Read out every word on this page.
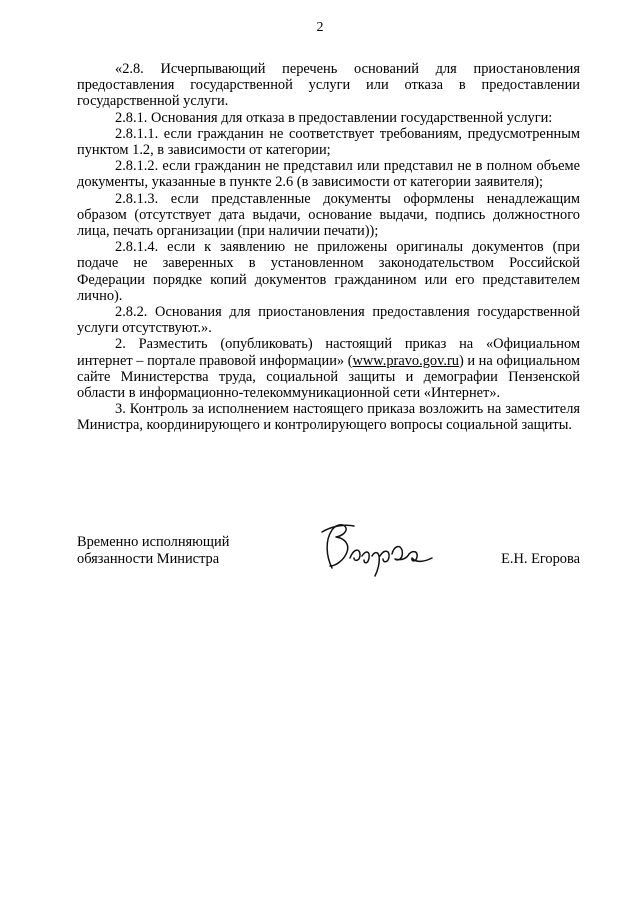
2

«2.8. Исчерпывающий перечень оснований для приостановления предоставления государственной услуги или отказа в предоставлении государственной услуги.

2.8.1. Основания для отказа в предоставлении государственной услуги:

2.8.1.1. если гражданин не соответствует требованиям, предусмотренным пунктом 1.2, в зависимости от категории;

2.8.1.2. если гражданин не представил или представил не в полном объеме документы, указанные в пункте 2.6 (в зависимости от категории заявителя);

2.8.1.3. если представленные документы оформлены ненадлежащим образом (отсутствует дата выдачи, основание выдачи, подпись должностного лица, печать организации (при наличии печати));

2.8.1.4. если к заявлению не приложены оригиналы документов (при подаче не заверенных в установленном законодательством Российской Федерации порядке копий документов гражданином или его представителем лично).

2.8.2. Основания для приостановления предоставления государственной услуги отсутствуют.».

2. Разместить (опубликовать) настоящий приказ на «Официальном интернет – портале правовой информации» (www.pravo.gov.ru) и на официальном сайте Министерства труда, социальной защиты и демографии Пензенской области в информационно-телекоммуникационной сети «Интернет».

3. Контроль за исполнением настоящего приказа возложить на заместителя Министра, координирующего и контролирующего вопросы социальной защиты.

Временно исполняющий
обязанности Министра	Е.Н. Егорова
